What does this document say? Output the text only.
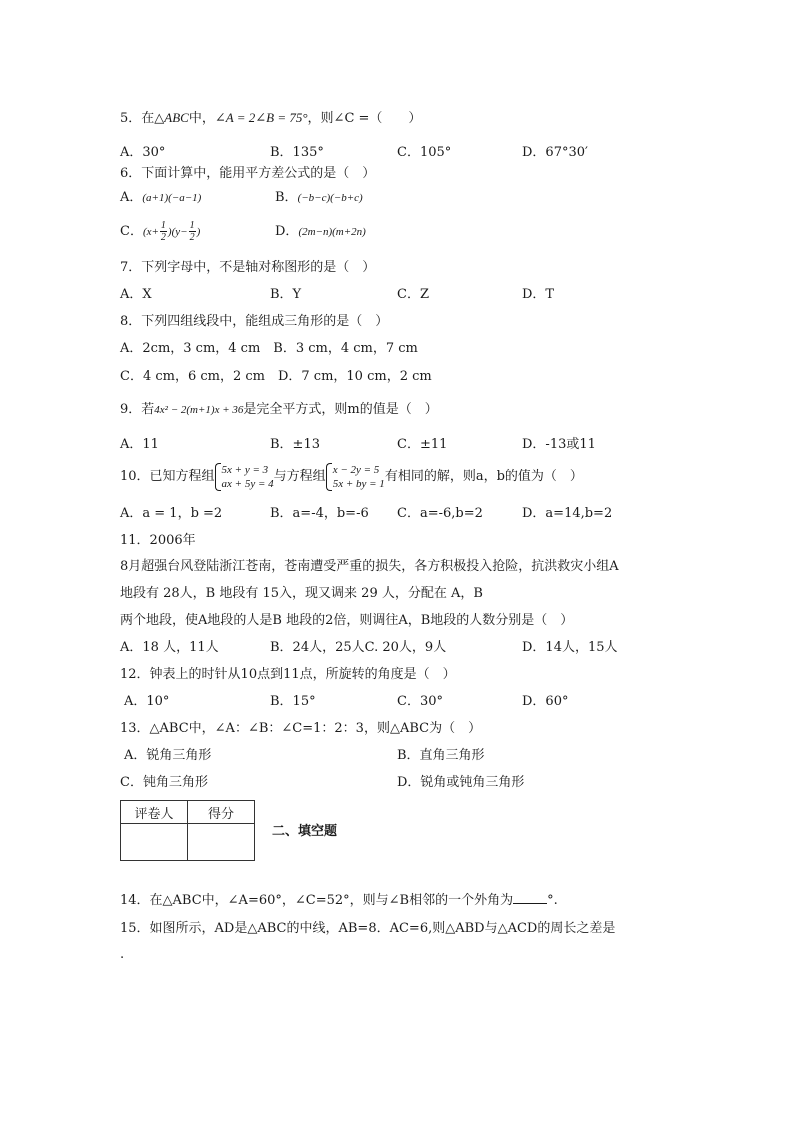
5．在△ABC中，∠A = 2∠B = 75°，则∠C =（　　）
A．30°	B．135°	C．105°	D．67°30′
6．下面计算中，能用平方差公式的是（　）
A．(a+1)(−a−1)	B．(−b−c)(−b+c)
C．$(x+ \frac{1}{2} )(y- \frac{1}{2}$ )	D．(2m−n)(m+2n)
7．下列字母中，不是轴对称图形的是（　）
A．X	B．Y	C．Z	D．T
8．下列四组线段中，能组成三角形的是（　）
A．2cm，3 cm，4 cm　B．3 cm，4 cm，7 cm
C．4 cm，6 cm，2 cm　D．7 cm，10 cm，2 cm
9．若4x² − 2(m+1)x + 36是完全平方式，则m的值是（　）
A．11	B．±13	C．±11	D．-13或11
10．已知方程组 5x + y = 3
ax + 5y = 4 与方程组 x − 2y = 5
5x + by = 1 有相同的解，则a，b的值为（　）
A．a = 1，b =2	B．a=-4，b=-6 C．a=-6,b=2	D．a=14,b=2
11．2006年
8月超强台风登陆浙江苍南，苍南遭受严重的损失，各方积极投入抢险，抗洪救灾小组A
地段有 28人，B 地段有 15入，现又调来 29 人，分配在 A，B
两个地段，使A地段的人是B 地段的2倍，则调往A，B地段的人数分别是（　）
A．18 人，11人	B．24人，25人C. 20人，9人	D．14人，15人
12．钟表上的时针从10点到11点，所旋转的角度是（　）
A．10°	B．15°	C．30°	D．60°
13．△ABC中，∠A：∠B：∠C=1：2：3，则△ABC为（　）
A．锐角三角形	B．直角三角形
C．钝角三角形	D．锐角或钝角三角形
评卷人	得分

二、填空题
14．在△ABC中，∠A=60°，∠C=52°，则与∠B相邻的一个外角为	°.
15．如图所示，AD是△ABC的中线，AB=8．AC=6,则△ABD与△ACD的周长之差是
.
